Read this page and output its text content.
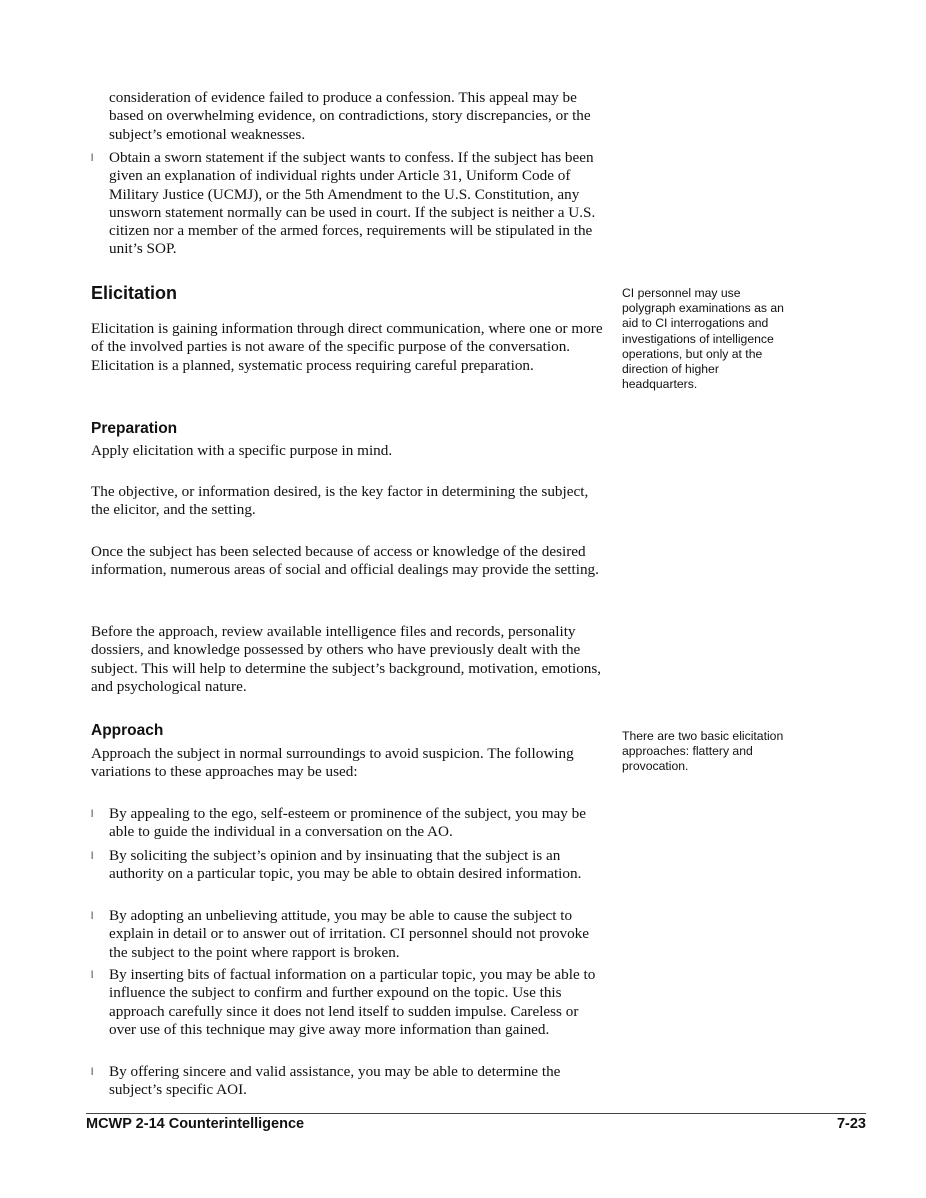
consideration of evidence failed to produce a confession. This appeal may be based on overwhelming evidence, on contradictions, story discrepancies, or the subject’s emotional weaknesses.
l Obtain a sworn statement if the subject wants to confess. If the subject has been given an explanation of individual rights under Article 31, Uniform Code of Military Justice (UCMJ), or the 5th Amendment to the U.S. Constitution, any unsworn statement normally can be used in court. If the subject is neither a U.S. citizen nor a member of the armed forces, requirements will be stipulated in the unit’s SOP.
Elicitation
Elicitation is gaining information through direct communication, where one or more of the involved parties is not aware of the specific purpose of the conversation. Elicitation is a planned, systematic process requiring careful preparation.
CI personnel may use polygraph examinations as an aid to CI interrogations and investigations of intelligence operations, but only at the direction of higher headquarters.
Preparation
Apply elicitation with a specific purpose in mind.
The objective, or information desired, is the key factor in determining the subject, the elicitor, and the setting.
Once the subject has been selected because of access or knowledge of the desired information, numerous areas of social and official dealings may provide the setting.
Before the approach, review available intelligence files and records, personality dossiers, and knowledge possessed by others who have previously dealt with the subject. This will help to determine the subject’s background, motivation, emotions, and psychological nature.
Approach
Approach the subject in normal surroundings to avoid suspicion. The following variations to these approaches may be used:
There are two basic elicitation approaches: flattery and provocation.
l By appealing to the ego, self-esteem or prominence of the subject, you may be able to guide the individual in a conversation on the AO.
l By soliciting the subject’s opinion and by insinuating that the subject is an authority on a particular topic, you may be able to obtain desired information.
l By adopting an unbelieving attitude, you may be able to cause the subject to explain in detail or to answer out of irritation. CI personnel should not provoke the subject to the point where rapport is broken.
l By inserting bits of factual information on a particular topic, you may be able to influence the subject to confirm and further expound on the topic. Use this approach carefully since it does not lend itself to sudden impulse. Careless or over use of this technique may give away more information than gained.
l By offering sincere and valid assistance, you may be able to determine the subject’s specific AOI.
MCWP 2-14 Counterintelligence	7-23
